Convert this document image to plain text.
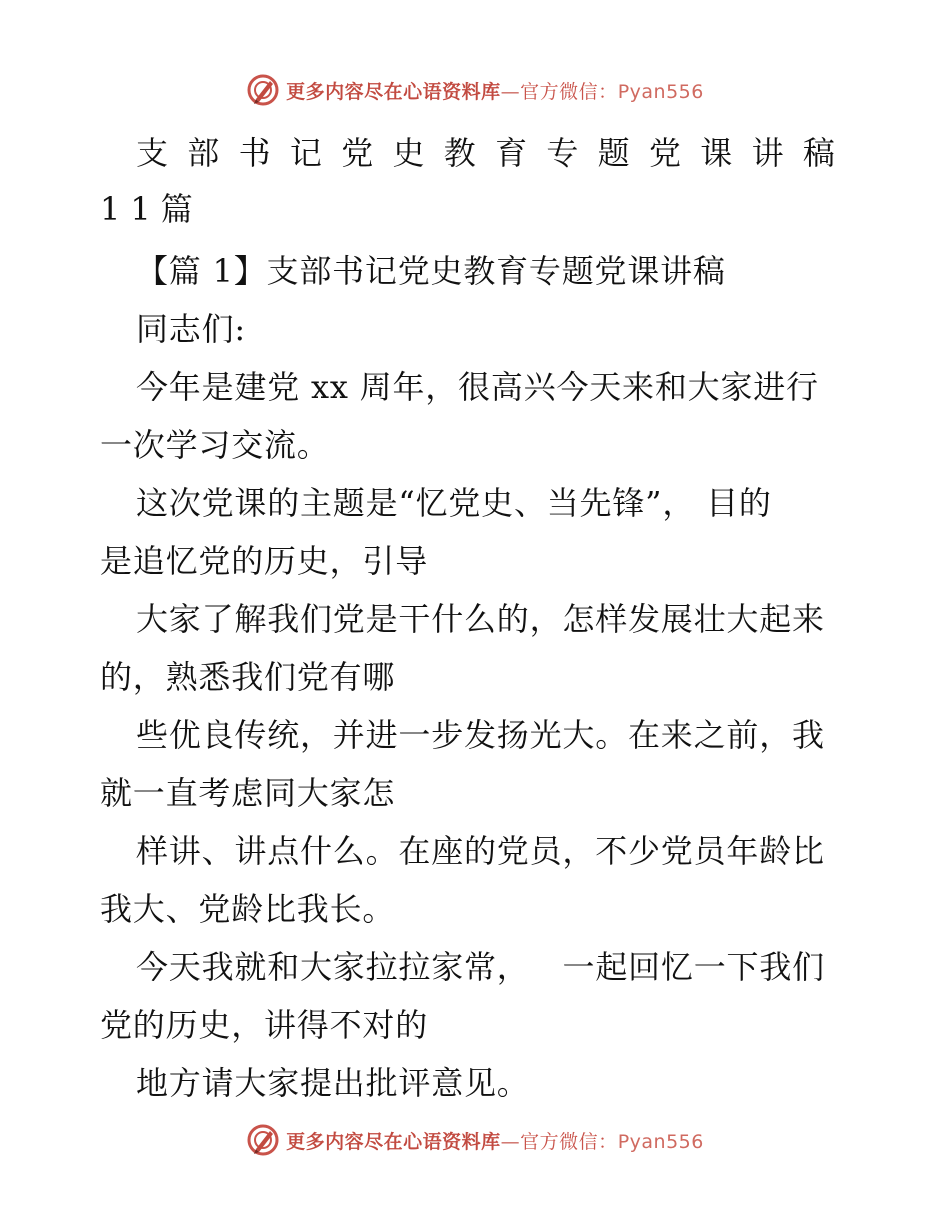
更多内容尽在心语资料库—官方微信：Pyan556
支 部 书 记 党 史 教 育 专 题 党 课 讲 稿
11篇

【篇 1】支部书记党史教育专题党课讲稿

同志们:

今年是建党 xx 周年，很高兴今天来和大家进行
一次学习交流。

这次党课的主题是“忆党史、当先锋”， 目的
是追忆党的历史，引导

大家了解我们党是干什么的，怎样发展壮大起来
的，熟悉我们党有哪

些优良传统，并进一步发扬光大。在来之前，我
就一直考虑同大家怎

样讲、讲点什么。在座的党员，不少党员年龄比
我大、党龄比我长。

今天我就和大家拉拉家常，   一起回忆一下我们
党的历史，讲得不对的

地方请大家提出批评意见。

更多内容尽在心语资料库—官方微信：Pyan556
